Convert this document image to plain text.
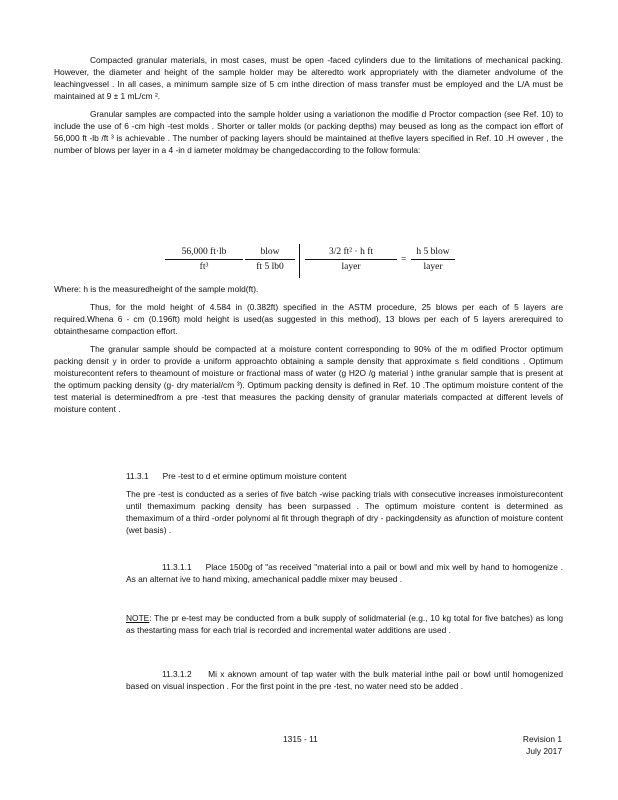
Compacted granular materials, in most cases, must be open -faced cylinders due to the limitations of mechanical packing. However, the diameter and height of the sample holder may be alteredto work appropriately with the diameter andvolume of the leachingvessel . In all cases, a minimum sample size of 5 cm inthe direction of mass transfer must be employed and the L/A must be maintained at 9 ± 1 mL/cm ².

Granular samples are compacted into the sample holder using a variationon the modifie d Proctor compaction (see Ref. 10) to include the use of 6 -cm high -test molds . Shorter or taller molds (or packing depths) may beused as long as the compact ion effort of 56,000 ft -lb /ft ³ is achievable . The number of packing layers should be maintained at thefive layers specified in Ref. 10 .H owever , the number of blows per layer in a 4 -in d iameter moldmay be changedaccording to the follow formula:

$\frac{56,000 ft\cdot lb}{\text{ft³}}$	blow
ft 5 lb0
3/2 ft² · h ft
layer
=
h 5 blow
layer

Where: h is the measuredheight of the sample mold(ft).

Thus, for the mold height of 4.584 in (0.382ft) specified in the ASTM procedure, 25 blows per each of 5 layers are required.Whena 6 - cm (0.196ft) mold height is used(as suggested in this method), 13 blows per each of 5 layers arerequired to obtainthesame compaction effort.

The granular sample should be compacted at a moisture content corresponding to 90% of the m odified Proctor optimum packing densit y in order to provide a uniform approachto obtaining a sample density that approximate s field conditions . Optimum moisturecontent refers to theamount of moisture or fractional mass of water (g H2O /g material ) inthe granular sample that is present at the optimum packing density (g- dry material/cm ³). Optimum packing density is defined in Ref. 10 .The optimum moisture content of the test material is determinedfrom a pre -test that measures the packing density of granular materials compacted at different levels of moisture content .

11.3.1 Pre -test to d et ermine optimum moisture content

The pre -test is conducted as a series of five batch -wise packing trials with consecutive increases inmoisturecontent until themaximum packing density has been surpassed . The optimum moisture content is determined as themaximum of a third -order polynomi al fit through thegraph of dry - packingdensity as afunction of moisture content (wet basis) .

11.3.1.1 Place 1500g of "as received "material into a pail or bowl and mix well by hand to homogenize . As an alternat ive to hand mixing, amechanical paddle mixer may beused .

NOTE: The pr e-test may be conducted from a bulk supply of solidmaterial (e.g., 10 kg total for five batches) as long as thestarting mass for each trial is recorded and incremental water additions are used .

11.3.1.2 Mi x aknown amount of tap water with the bulk material inthe pail or bowl until homogenized based on visual inspection . For the first point in the pre -test, no water need sto be added .

1315 - 11	Revision 1
July 2017
